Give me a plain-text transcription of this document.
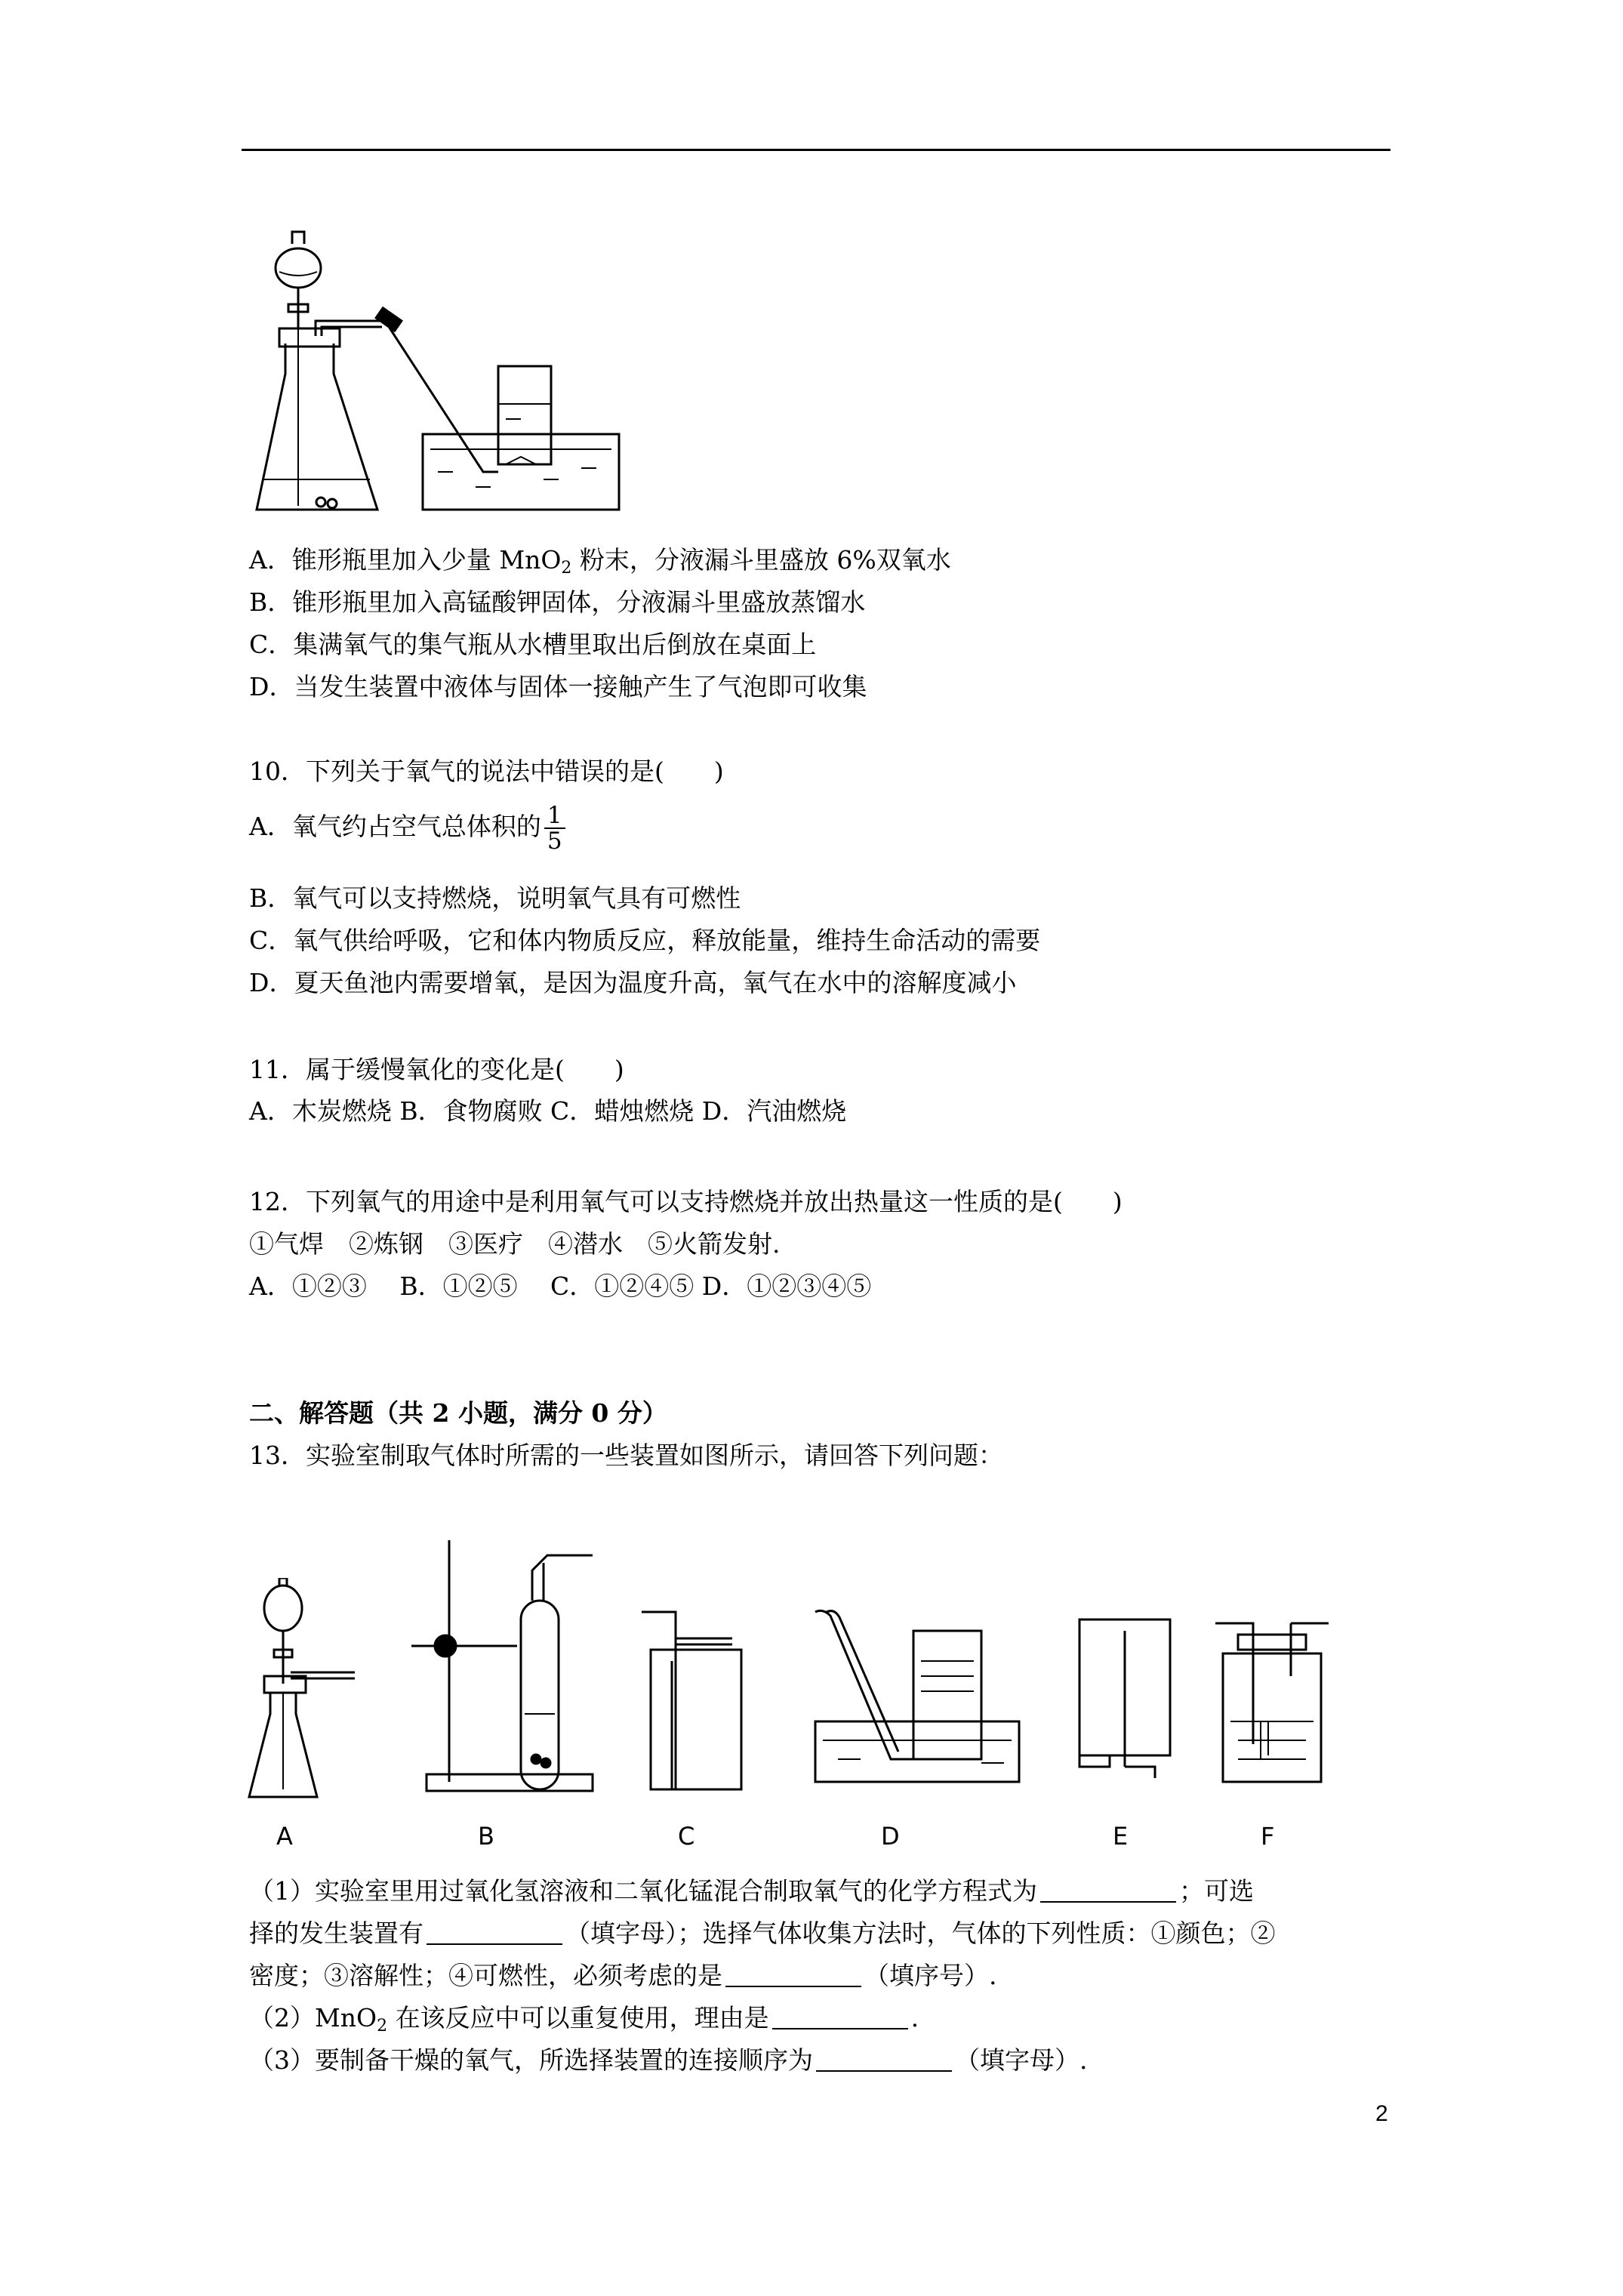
A．锥形瓶里加入少量 MnO$_2$ 粉末，分液漏斗里盛放 6%双氧水
B．锥形瓶里加入高锰酸钾固体，分液漏斗里盛放蒸馏水
C．集满氧气的集气瓶从水槽里取出后倒放在桌面上
D．当发生装置中液体与固体一接触产生了气泡即可收集
10．下列关于氧气的说法中错误的是(　　)
A．氧气约占空气总体积的 $\frac{1}{5}$
B．氧气可以支持燃烧，说明氧气具有可燃性
C．氧气供给呼吸，它和体内物质反应，释放能量，维持生命活动的需要
D．夏天鱼池内需要增氧，是因为温度升高，氧气在水中的溶解度减小
11．属于缓慢氧化的变化是(　　)
A．木炭燃烧 B．食物腐败 C．蜡烛燃烧 D．汽油燃烧
12．下列氧气的用途中是利用氧气可以支持燃烧并放出热量这一性质的是(　　)
①气焊　②炼钢　③医疗　④潜水　⑤火箭发射.
A．①②③　 B．①②⑤　 C．①②④⑤ D．①②③④⑤
二、解答题（共 2 小题，满分 0 分）
13．实验室制取气体时所需的一些装置如图所示，请回答下列问题：
A	B	C	D	E	F
（1）实验室里用过氧化氢溶液和二氧化锰混合制取氧气的化学方程式为	；可选
择的发生装置有	（填字母）；选择气体收集方法时，气体的下列性质：①颜色；②
密度；③溶解性；④可燃性，必须考虑的是	（填序号）.
（2）MnO$_2$ 在该反应中可以重复使用，理由是	.
（3）要制备干燥的氧气，所选择装置的连接顺序为	（填字母）.
2
